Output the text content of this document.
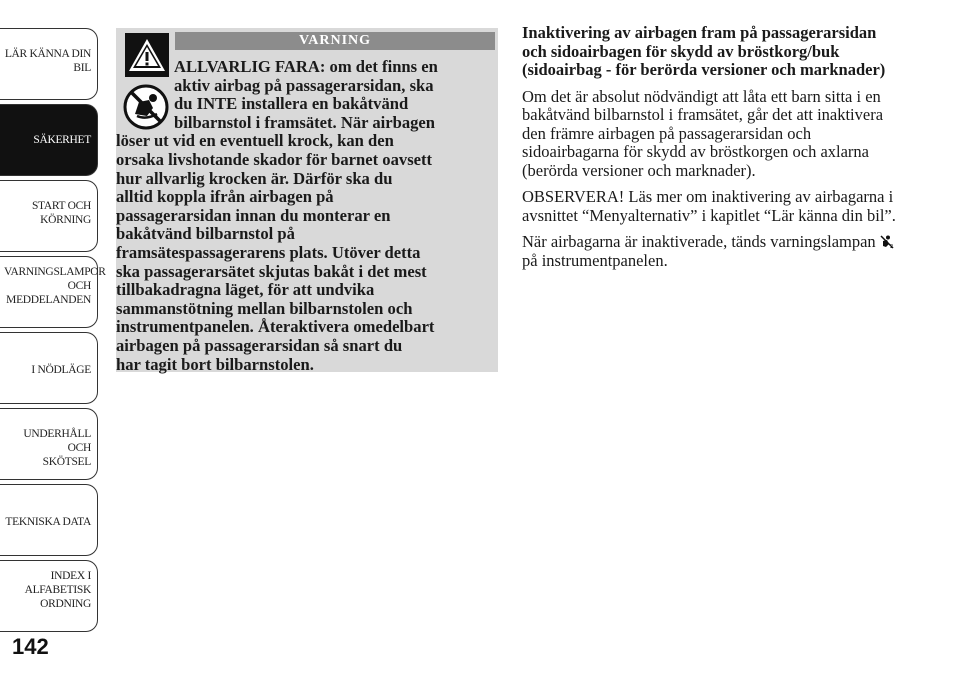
LÄR KÄNNA DIN
BIL
SÄKERHET
START OCH
KÖRNING
VARNINGSLAMPOR
OCH
MEDDELANDEN
I NÖDLÄGE
UNDERHÅLL OCH
SKÖTSEL
TEKNISKA DATA
INDEX I
ALFABETISK
ORDNING
142
VARNING
ALLVARLIG FARA: om det finns en
aktiv airbag på passagerarsidan, ska
du INTE installera en bakåtvänd
bilbarnstol i framsätet. När airbagen
löser ut vid en eventuell krock, kan den
orsaka livshotande skador för barnet oavsett
hur allvarlig krocken är. Därför ska du
alltid koppla ifrån airbagen på
passagerarsidan innan du monterar en
bakåtvänd bilbarnstol på
framsätespassagerarens plats. Utöver detta
ska passagerarsätet skjutas bakåt i det mest
tillbakadragna läget, för att undvika
sammanstötning mellan bilbarnstolen och
instrumentpanelen. Återaktivera omedelbart
airbagen på passagerarsidan så snart du
har tagit bort bilbarnstolen.

Inaktivering av airbagen fram på passagerarsidan och sidoairbagen för skydd av bröstkorg/buk (sidoairbag - för berörda versioner och marknader)

Om det är absolut nödvändigt att låta ett barn sitta i en bakåtvänd bilbarnstol i framsätet, går det att inaktivera den främre airbagen på passagerarsidan och sidoairbagarna för skydd av bröstkorgen och axlarna (berörda versioner och marknader).

OBSERVERA! Läs mer om inaktivering av airbagarna i avsnittet “Menyalternativ” i kapitlet “Lär känna din bil”.

När airbagarna är inaktiverade, tänds varningslampan	2
på instrumentpanelen.
